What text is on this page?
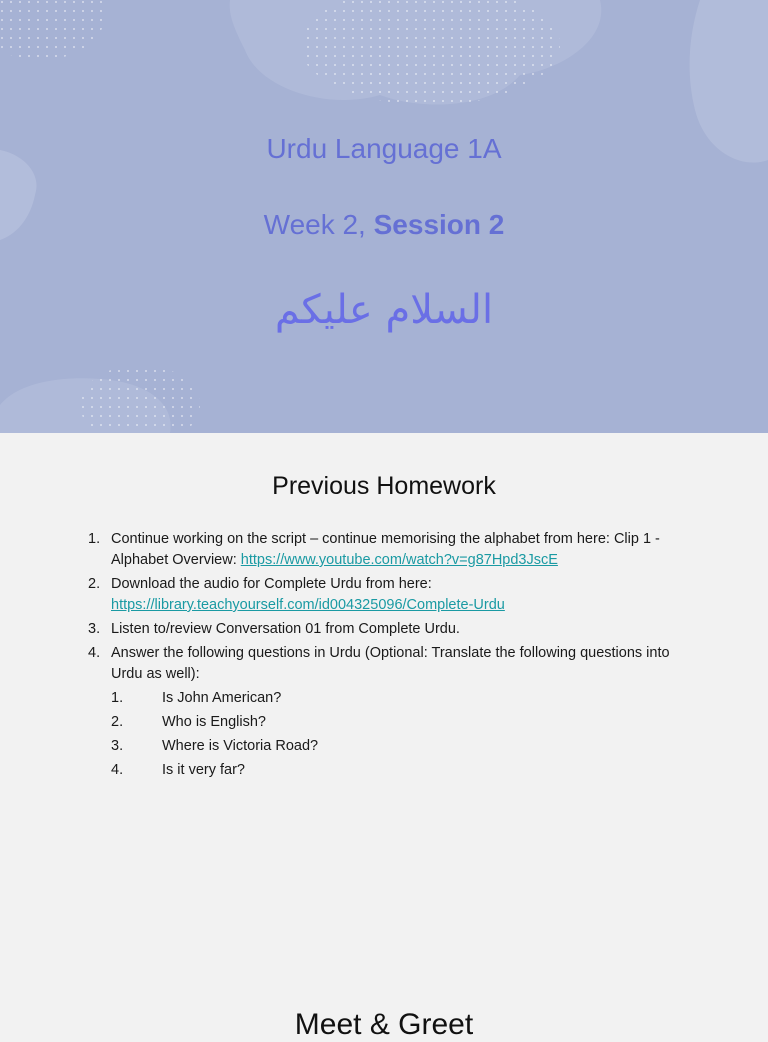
Urdu Language 1A
Week 2, Session 2
السلام علیکم
Previous Homework
1. Continue working on the script – continue memorising the alphabet from here: Clip 1 - Alphabet Overview: https://www.youtube.com/watch?v=g87Hpd3JscE
2. Download the audio for Complete Urdu from here: https://library.teachyourself.com/id004325096/Complete-Urdu
3. Listen to/review Conversation 01 from Complete Urdu.
4. Answer the following questions in Urdu (Optional: Translate the following questions into Urdu as well):
1.	Is John American?
2.	Who is English?
3.	Where is Victoria Road?
4.	Is it very far?
Meet & Greet
